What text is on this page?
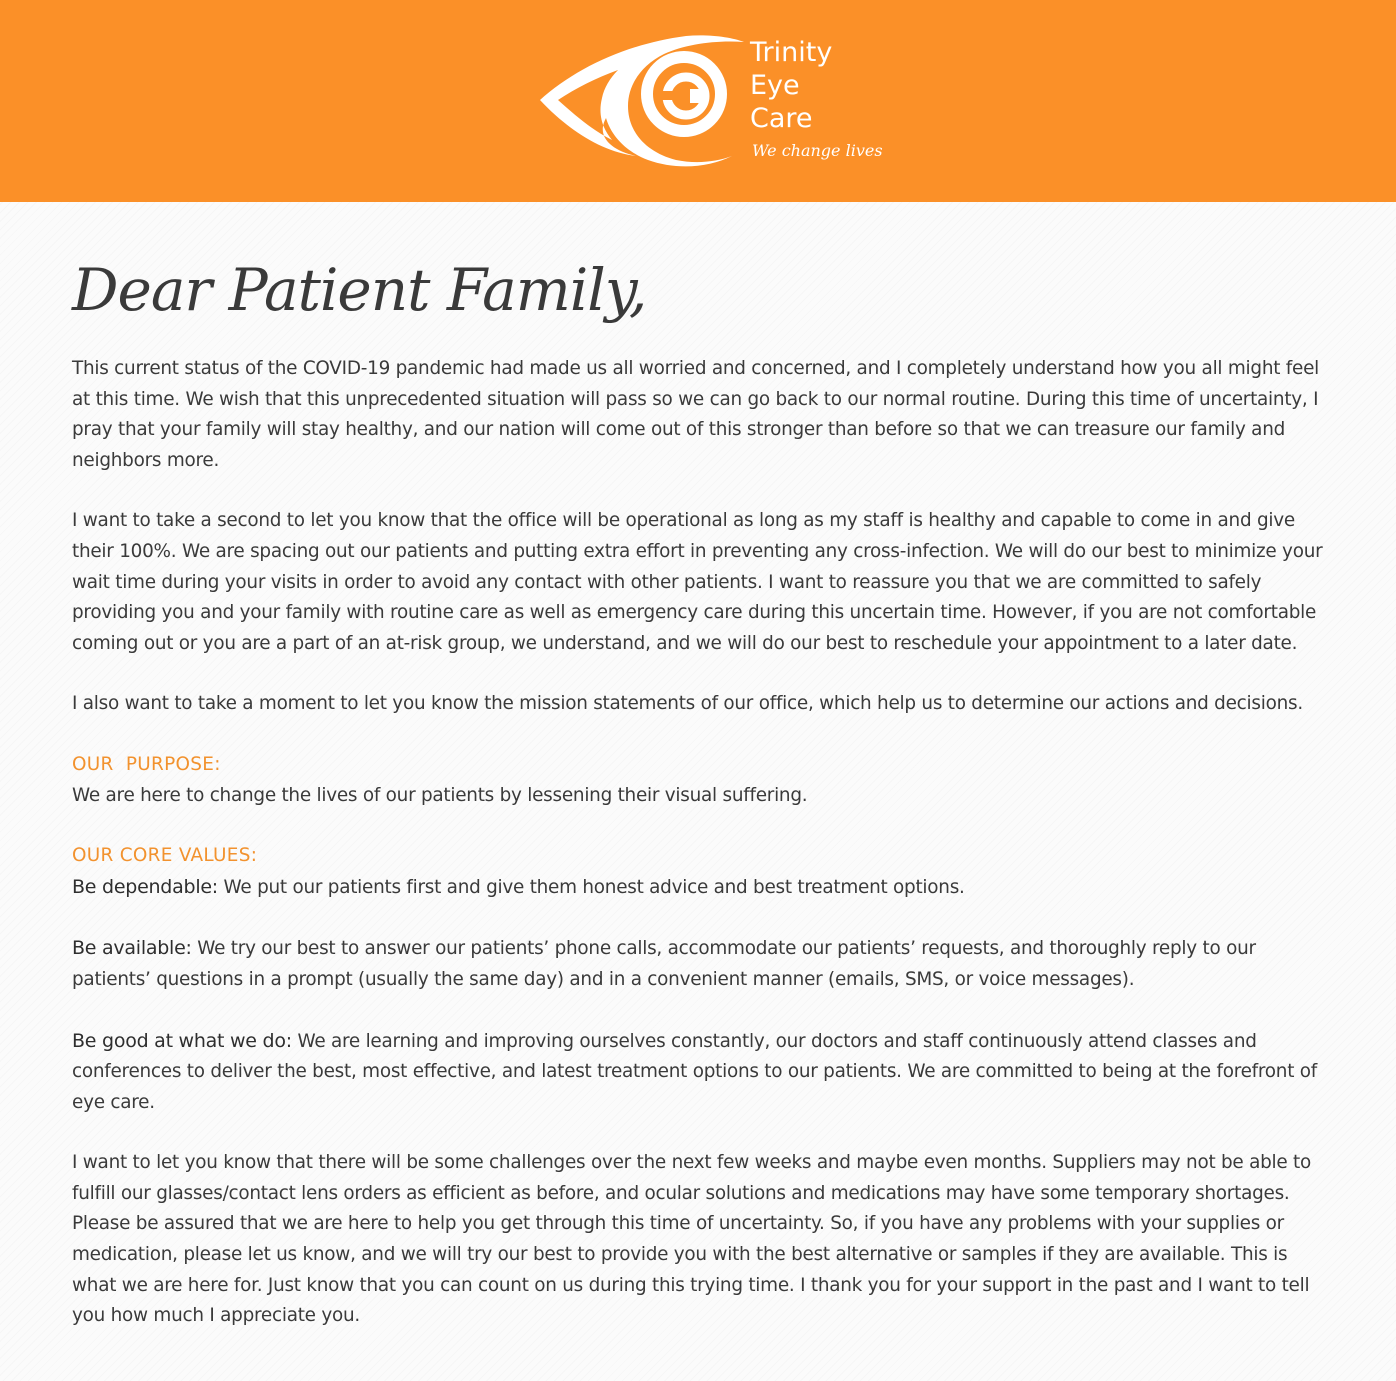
Trinity
Eye
Care
We change lives
Dear Patient Family,

This current status of the COVID-19 pandemic had made us all worried and concerned, and I completely understand how you all might feel at this time. We wish that this unprecedented situation will pass so we can go back to our normal routine. During this time of uncertainty, I pray that your family will stay healthy, and our nation will come out of this stronger than before so that we can treasure our family and neighbors more.

I want to take a second to let you know that the office will be operational as long as my staff is healthy and capable to come in and give their 100%. We are spacing out our patients and putting extra effort in preventing any cross-infection. We will do our best to minimize your wait time during your visits in order to avoid any contact with other patients. I want to reassure you that we are committed to safely providing you and your family with routine care as well as emergency care during this uncertain time. However, if you are not comfortable coming out or you are a part of an at-risk group, we understand, and we will do our best to reschedule your appointment to a later date.

I also want to take a moment to let you know the mission statements of our office, which help us to determine our actions and decisions.

OUR  PURPOSE:

We are here to change the lives of our patients by lessening their visual suffering.

OUR CORE VALUES:

Be dependable: We put our patients first and give them honest advice and best treatment options.

Be available: We try our best to answer our patients’ phone calls, accommodate our patients’ requests, and thoroughly reply to our patients’ questions in a prompt (usually the same day) and in a convenient manner (emails, SMS, or voice messages).

Be good at what we do: We are learning and improving ourselves constantly, our doctors and staff continuously attend classes and conferences to deliver the best, most effective, and latest treatment options to our patients. We are committed to being at the forefront of eye care.

I want to let you know that there will be some challenges over the next few weeks and maybe even months. Suppliers may not be able to fulfill our glasses/contact lens orders as efficient as before, and ocular solutions and medications may have some temporary shortages. Please be assured that we are here to help you get through this time of uncertainty. So, if you have any problems with your supplies or medication, please let us know, and we will try our best to provide you with the best alternative or samples if they are available. This is what we are here for. Just know that you can count on us during this trying time. I thank you for your support in the past and I want to tell you how much I appreciate you.
